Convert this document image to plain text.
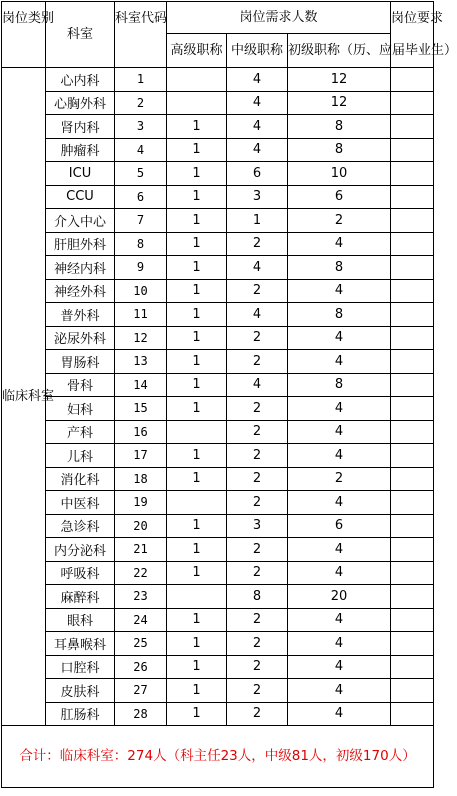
岗位类别	科室	科室代码	岗位需求人数			岗位要求
			高级职称	中级职称	初级职称（历、应届毕业生）	
临床科室	心内科	1		4	12	
	心胸外科	2		4	12	
	肾内科	3	1	4	8	
	肿瘤科	4	1	4	8	
	ICU	5	1	6	10	
	CCU	6	1	3	6	
	介入中心	7	1	1	2	
	肝胆外科	8	1	2	4	
	神经内科	9	1	4	8	
	神经外科	10	1	2	4	
	普外科	11	1	4	8	
	泌尿外科	12	1	2	4	
	胃肠科	13	1	2	4	
	骨科	14	1	4	8	
	妇科	15	1	2	4	
	产科	16		2	4	
	儿科	17	1	2	4	
	消化科	18	1	2	2	
	中医科	19		2	4	
	急诊科	20	1	3	6	
	内分泌科	21	1	2	4	
	呼吸科	22	1	2	4	
	麻醉科	23		8	20	
	眼科	24	1	2	4	
	耳鼻喉科	25	1	2	4	
	口腔科	26	1	2	4	
	皮肤科	27	1	2	4	
	肛肠科	28	1	2	4	
合计：临床科室：274人（科主任23人，中级81人，初级170人）						
